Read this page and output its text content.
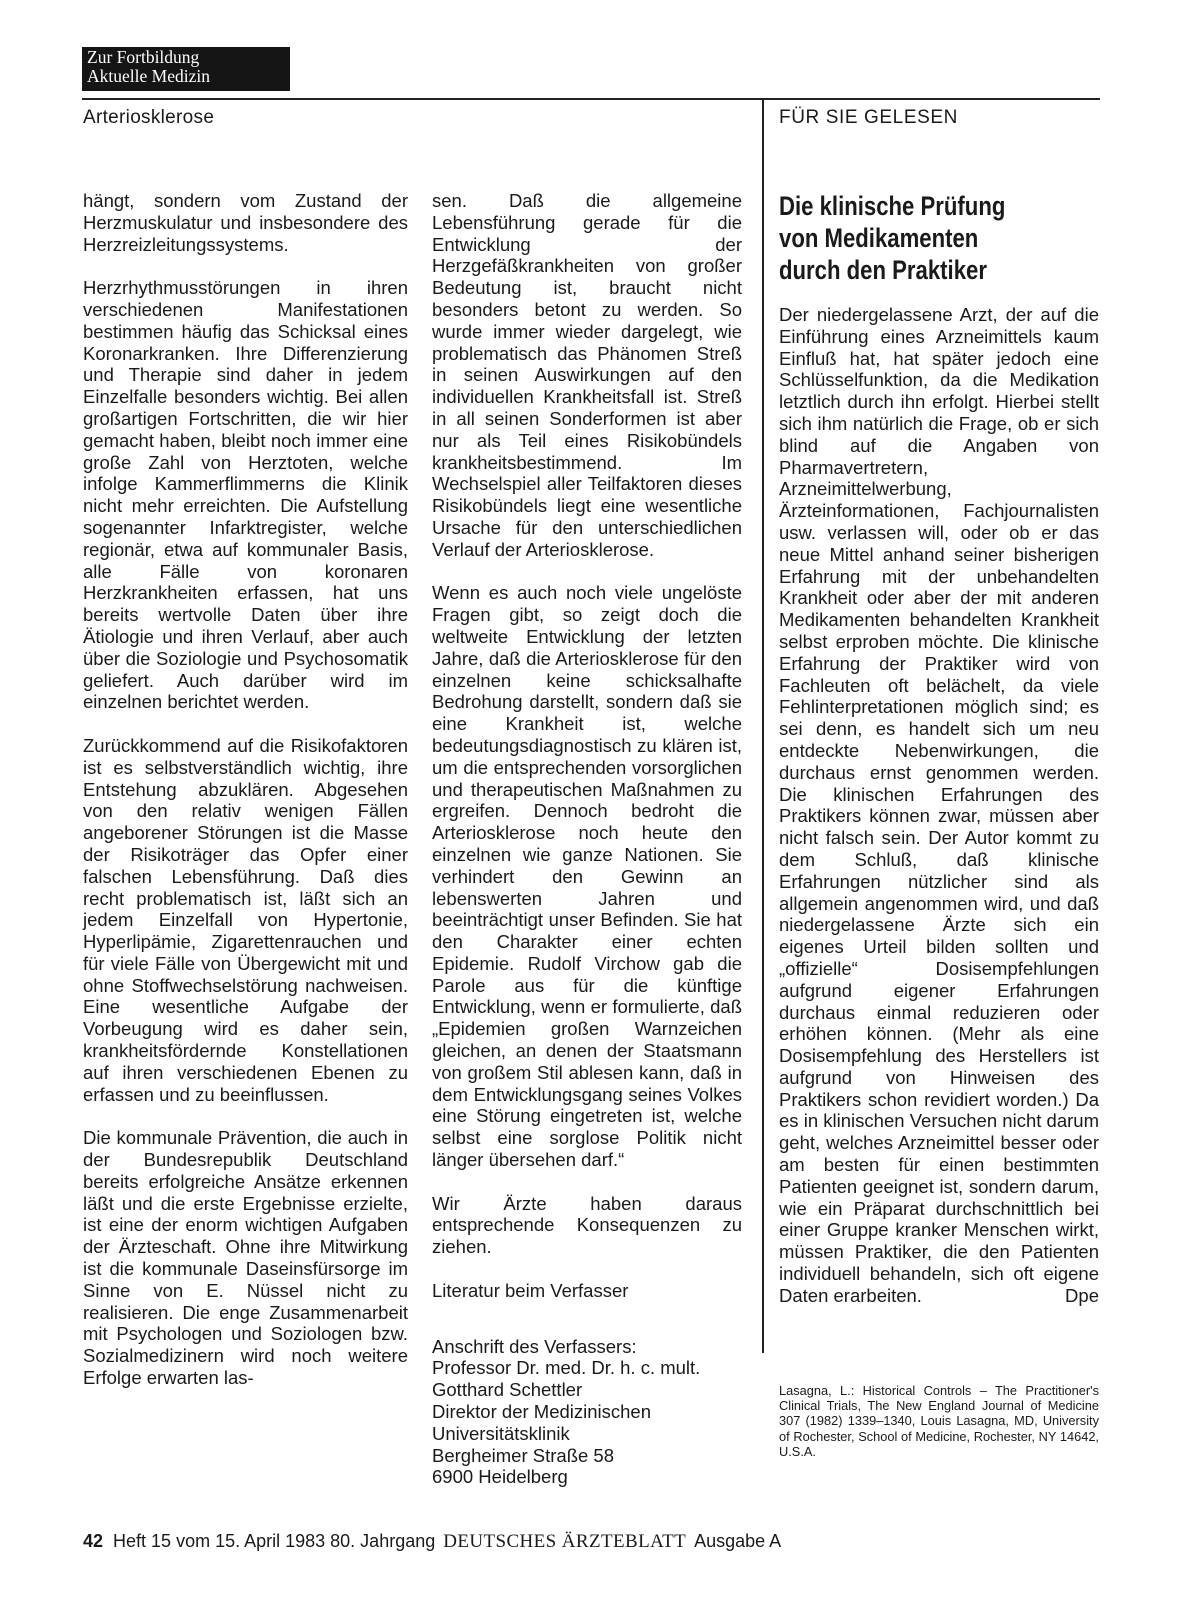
Zur Fortbildung
Aktuelle Medizin
Arteriosklerose	FÜR SIE GELESEN

hängt, sondern vom Zustand der Herzmuskulatur und insbesondere des Herzreizleitungssystems.

Herzrhythmusstörungen in ihren verschiedenen Manifestationen bestimmen häufig das Schicksal eines Koronarkranken. Ihre Differenzierung und Therapie sind daher in jedem Einzelfalle besonders wichtig. Bei allen großartigen Fortschritten, die wir hier gemacht haben, bleibt noch immer eine große Zahl von Herztoten, welche infolge Kammerflimmerns die Klinik nicht mehr erreichten. Die Aufstellung sogenannter Infarktregister, welche regionär, etwa auf kommunaler Basis, alle Fälle von koronaren Herzkrankheiten erfassen, hat uns bereits wertvolle Daten über ihre Ätiologie und ihren Verlauf, aber auch über die Soziologie und Psychosomatik geliefert. Auch darüber wird im einzelnen berichtet werden.

Zurückkommend auf die Risikofaktoren ist es selbstverständlich wichtig, ihre Entstehung abzuklären. Abgesehen von den relativ wenigen Fällen angeborener Störungen ist die Masse der Risikoträger das Opfer einer falschen Lebensführung. Daß dies recht problematisch ist, läßt sich an jedem Einzelfall von Hypertonie, Hyperlipämie, Zigarettenrauchen und für viele Fälle von Übergewicht mit und ohne Stoffwechselstörung nachweisen. Eine wesentliche Aufgabe der Vorbeugung wird es daher sein, krankheitsfördernde Konstellationen auf ihren verschiedenen Ebenen zu erfassen und zu beeinflussen.

Die kommunale Prävention, die auch in der Bundesrepublik Deutschland bereits erfolgreiche Ansätze erkennen läßt und die erste Ergebnisse erzielte, ist eine der enorm wichtigen Aufgaben der Ärzteschaft. Ohne ihre Mitwirkung ist die kommunale Daseinsfürsorge im Sinne von E. Nüssel nicht zu realisieren. Die enge Zusammenarbeit mit Psychologen und Soziologen bzw. Sozialmedizinern wird noch weitere Erfolge erwarten las-

sen. Daß die allgemeine Lebensführung gerade für die Entwicklung der Herzgefäßkrankheiten von großer Bedeutung ist, braucht nicht besonders betont zu werden. So wurde immer wieder dargelegt, wie problematisch das Phänomen Streß in seinen Auswirkungen auf den individuellen Krankheitsfall ist. Streß in all seinen Sonderformen ist aber nur als Teil eines Risikobündels krankheitsbestimmend. Im Wechselspiel aller Teilfaktoren dieses Risikobündels liegt eine wesentliche Ursache für den unterschiedlichen Verlauf der Arteriosklerose.

Wenn es auch noch viele ungelöste Fragen gibt, so zeigt doch die weltweite Entwicklung der letzten Jahre, daß die Arteriosklerose für den einzelnen keine schicksalhafte Bedrohung darstellt, sondern daß sie eine Krankheit ist, welche bedeutungsdiagnostisch zu klären ist, um die entsprechenden vorsorglichen und therapeutischen Maßnahmen zu ergreifen. Dennoch bedroht die Arteriosklerose noch heute den einzelnen wie ganze Nationen. Sie verhindert den Gewinn an lebenswerten Jahren und beeinträchtigt unser Befinden. Sie hat den Charakter einer echten Epidemie. Rudolf Virchow gab die Parole aus für die künftige Entwicklung, wenn er formulierte, daß „Epidemien großen Warnzeichen gleichen, an denen der Staatsmann von großem Stil ablesen kann, daß in dem Entwicklungsgang seines Volkes eine Störung eingetreten ist, welche selbst eine sorglose Politik nicht länger übersehen darf.“

Wir Ärzte haben daraus entsprechende Konsequenzen zu ziehen.

Literatur beim Verfasser
Anschrift des Verfassers:
Professor Dr. med. Dr. h. c. mult.
Gotthard Schettler
Direktor der Medizinischen
Universitätsklinik
Bergheimer Straße 58
6900 Heidelberg
Die klinische Prüfung
von Medikamenten
durch den Praktiker

Der niedergelassene Arzt, der auf die Einführung eines Arzneimittels kaum Einfluß hat, hat später jedoch eine Schlüsselfunktion, da die Medikation letztlich durch ihn erfolgt. Hierbei stellt sich ihm natürlich die Frage, ob er sich blind auf die Angaben von Pharmavertretern, Arzneimittelwerbung, Ärzteinformationen, Fachjournalisten usw. verlassen will, oder ob er das neue Mittel anhand seiner bisherigen Erfahrung mit der unbehandelten Krankheit oder aber der mit anderen Medikamenten behandelten Krankheit selbst erproben möchte. Die klinische Erfahrung der Praktiker wird von Fachleuten oft belächelt, da viele Fehlinterpretationen möglich sind; es sei denn, es handelt sich um neu entdeckte Nebenwirkungen, die durchaus ernst genommen werden. Die klinischen Erfahrungen des Praktikers können zwar, müssen aber nicht falsch sein. Der Autor kommt zu dem Schluß, daß klinische Erfahrungen nützlicher sind als allgemein angenommen wird, und daß niedergelassene Ärzte sich ein eigenes Urteil bilden sollten und „offizielle“ Dosisempfehlungen aufgrund eigener Erfahrungen durchaus einmal reduzieren oder erhöhen können. (Mehr als eine Dosisempfehlung des Herstellers ist aufgrund von Hinweisen des Praktikers schon revidiert worden.) Da es in klinischen Versuchen nicht darum geht, welches Arzneimittel besser oder am besten für einen bestimmten Patienten geeignet ist, sondern darum, wie ein Präparat durchschnittlich bei einer Gruppe kranker Menschen wirkt, müssen Praktiker, die den Patienten individuell behandeln, sich oft eigene Daten erarbeiten.	Dpe

Lasagna, L.: Historical Controls – The Practitioner's Clinical Trials, The New England Journal of Medicine 307 (1982) 1339–1340, Louis Lasagna, MD, University of Rochester, School of Medicine, Rochester, NY 14642, U.S.A.
42 Heft 15 vom 15. April 1983 80. Jahrgang DEUTSCHES ÄRZTEBLATT Ausgabe A
